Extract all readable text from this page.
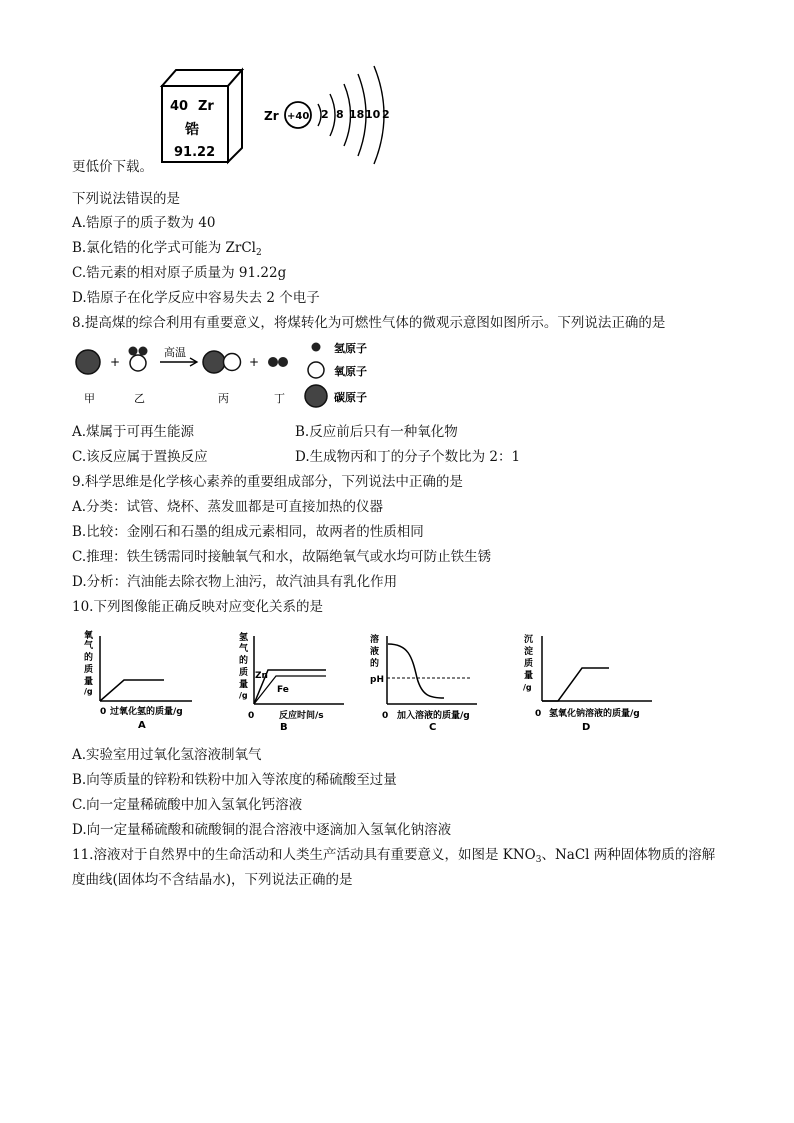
40 Zr
锆
91.22
Zr +40 2 8 18 10 2
更低价下载。
下列说法错误的是
A.锆原子的质子数为 40
B.氯化锆的化学式可能为 ZrCl$_2$
C.锆元素的相对原子质量为 91.22g
D.锆原子在化学反应中容易失去 2 个电子
8.提高煤的综合利用有重要意义，将煤转化为可燃性气体的微观示意图如图所示。下列说法正确的是
+
高温
+
甲	乙	丙	丁
氢原子
氧原子
碳原子
A.煤属于可再生能源	B.反应前后只有一种氧化物
C.该反应属于置换反应	D.生成物丙和丁的分子个数比为 2：1
9.科学思维是化学核心素养的重要组成部分，下列说法中正确的是
A.分类：试管、烧杯、蒸发皿都是可直接加热的仪器
B.比较：金刚石和石墨的组成元素相同，故两者的性质相同
C.推理：铁生锈需同时接触氧气和水，故隔绝氧气或水均可防止铁生锈
D.分析：汽油能去除衣物上油污，故汽油具有乳化作用
10.下列图像能正确反映对应变化关系的是
氧
气
的
质
量
/g
0 过氧化氢的质量/g
A
氢
气
的
质
量
/g
Zn
Fe
0	反应时间/s
B
溶
液
的
pH
0 加入溶液的质量/g
C
沉
淀
质
量
/g
0 氢氧化钠溶液的质量/g
D
A.实验室用过氧化氢溶液制氧气
B.向等质量的锌粉和铁粉中加入等浓度的稀硫酸至过量
C.向一定量稀硫酸中加入氢氧化钙溶液
D.向一定量稀硫酸和硫酸铜的混合溶液中逐滴加入氢氧化钠溶液
11.溶液对于自然界中的生命活动和人类生产活动具有重要意义，如图是 $KNO_3$、NaCl 两种固体物质的溶解
度曲线(固体均不含结晶水)，下列说法正确的是
